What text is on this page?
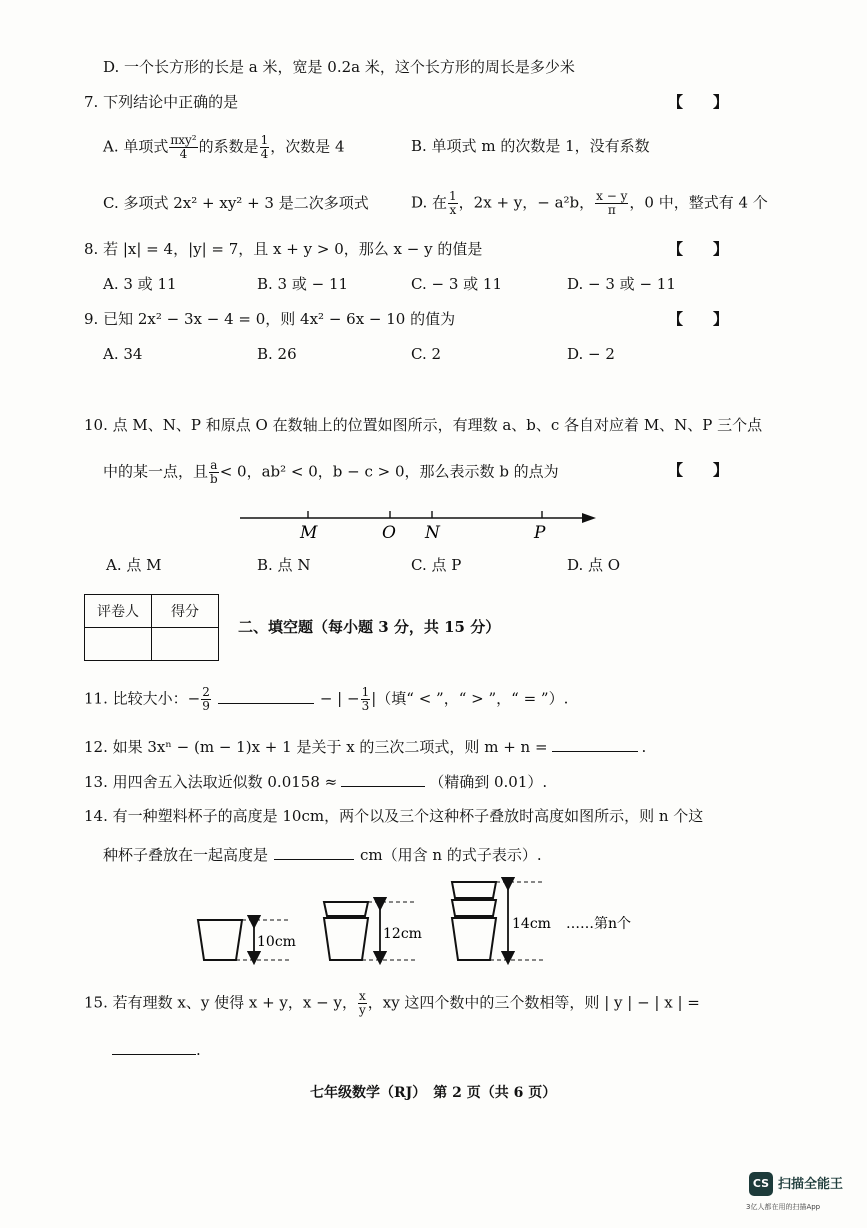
D. 一个长方形的长是 a 米，宽是 0.2a 米，这个长方形的周长是多少米
7. 下列结论中正确的是	【　　】
A. 单项式 $\frac{\text{πxy²}}{4}$ 的系数是 $\frac{1}{4}$ ，次数是 4	B. 单项式 m 的次数是 1，没有系数
C. 多项式 2x² + xy² + 3 是二次多项式	D. 在 $\frac{1}{x}$ ，2x + y，− a²b， $\frac{x - y}{\pi}$ ，0 中，整式有 4 个
8. 若 |x| = 4，|y| = 7，且 x + y > 0，那么 x − y 的值是	【　　】
A. 3 或 11	B. 3 或 − 11	C. − 3 或 11	D. − 3 或 − 11
9. 已知 2x² − 3x − 4 = 0，则 4x² − 6x − 10 的值为	【　　】
A. 34	B. 26	C. 2	D. − 2
10. 点 M、N、P 和原点 O 在数轴上的位置如图所示，有理数 a、b、c 各自对应着 M、N、P 三个点
中的某一点，且 $\frac{a}{b} < 0$，ab² < 0，b − c > 0，那么表示数 b 的点为	【　　】
M	O N	P
A. 点 M	B. 点 N	C. 点 P	D. 点 O
评卷人	得分

二、填空题（每小题 3 分，共 15 分）
11. 比较大小：− $\frac{2}{9}$	− | − $\frac{1}{3}$ |（填“ < ”，“ > ”，“ = ”）.
12. 如果 3xⁿ − (m − 1)x + 1 是关于 x 的三次二项式，则 m + n =	.
13. 用四舍五入法取近似数 0.0158 ≈	（精确到 0.01）.
14. 有一种塑料杯子的高度是 10cm，两个以及三个这种杯子叠放时高度如图所示，则 n 个这
种杯子叠放在一起高度是	cm（用含 n 的式子表示）.
10cm	12cm
14cm ……第n个
15. 若有理数 x、y 使得 x + y，x − y， $\frac{x}{y}$ ，xy 这四个数中的三个数相等，则 | y | − | x | =
.
七年级数学（RJ）　第 2 页（共 6 页）
CS 扫描全能王
3亿人都在用的扫描App
